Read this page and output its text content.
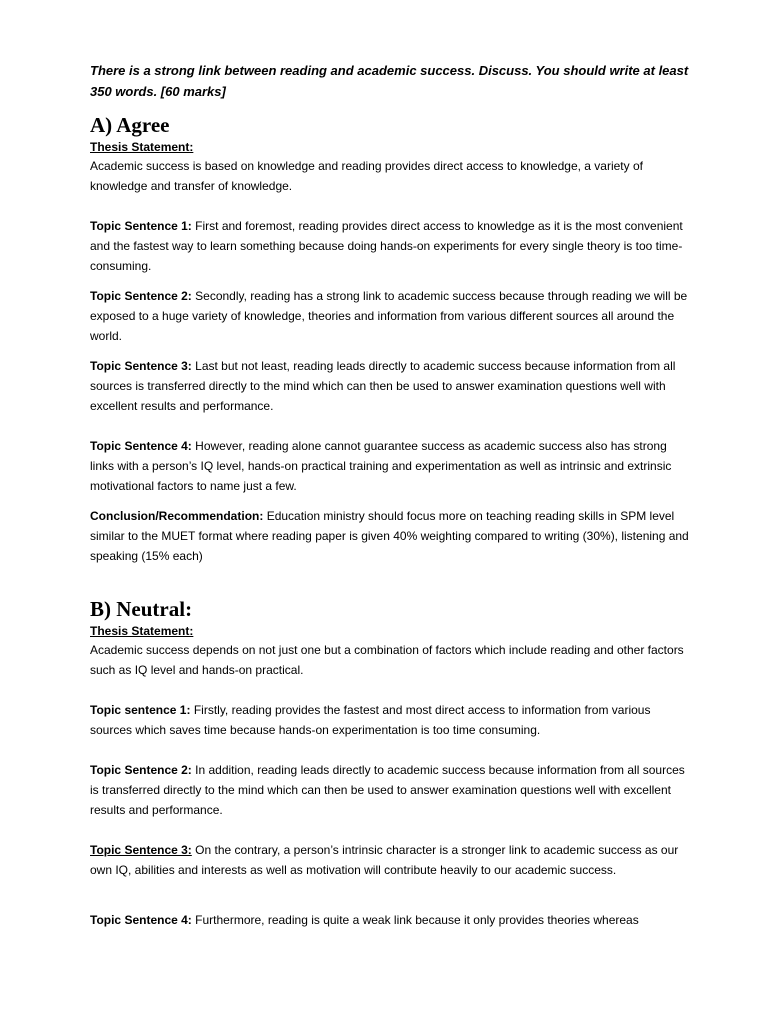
There is a strong link between reading and academic success. Discuss. You should write at least 350 words. [60 marks]

A) Agree
Thesis Statement:

Academic success is based on knowledge and reading provides direct access to knowledge, a variety of knowledge and transfer of knowledge.

Topic Sentence 1: First and foremost, reading provides direct access to knowledge as it is the most convenient and the fastest way to learn something because doing hands-on experiments for every single theory is too time-consuming.

Topic Sentence 2: Secondly, reading has a strong link to academic success because through reading we will be exposed to a huge variety of knowledge, theories and information from various different sources all around the world.

Topic Sentence 3: Last but not least, reading leads directly to academic success because information from all sources is transferred directly to the mind which can then be used to answer examination questions well with excellent results and performance.

Topic Sentence 4: However, reading alone cannot guarantee success as academic success also has strong links with a person’s IQ level, hands-on practical training and experimentation as well as intrinsic and extrinsic motivational factors to name just a few.

Conclusion/Recommendation: Education ministry should focus more on teaching reading skills in SPM level similar to the MUET format where reading paper is given 40% weighting compared to writing (30%), listening and speaking (15% each)

B) Neutral:
Thesis Statement:

Academic success depends on not just one but a combination of factors which include reading and other factors such as IQ level and hands-on practical.

Topic sentence 1: Firstly, reading provides the fastest and most direct access to information from various sources which saves time because hands-on experimentation is too time consuming.

Topic Sentence 2: In addition, reading leads directly to academic success because information from all sources is transferred directly to the mind which can then be used to answer examination questions well with excellent results and performance.

Topic Sentence 3: On the contrary, a person’s intrinsic character is a stronger link to academic success as our own IQ, abilities and interests as well as motivation will contribute heavily to our academic success.

Topic Sentence 4: Furthermore, reading is quite a weak link because it only provides theories whereas
